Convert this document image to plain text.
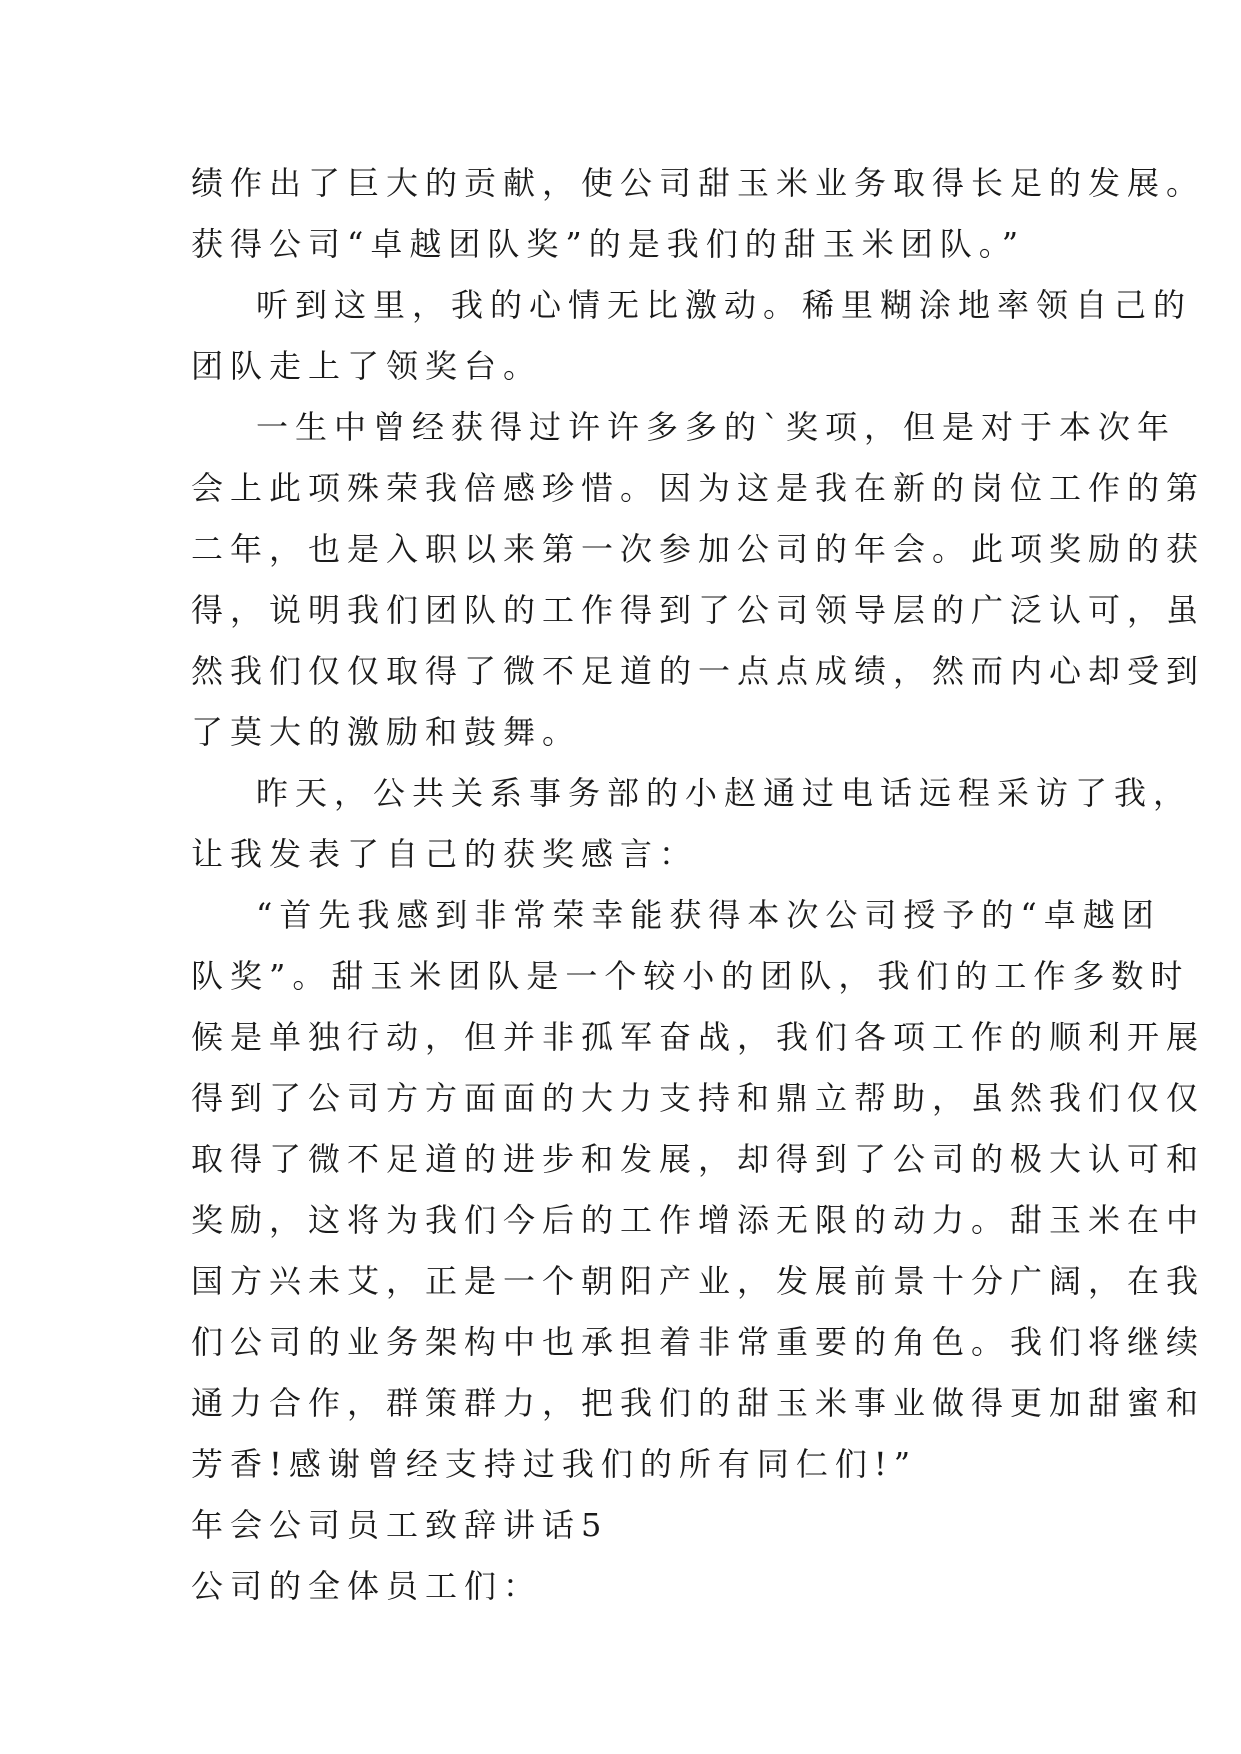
绩作出了巨大的贡献，使公司甜玉米业务取得长足的发展。
获得公司“卓越团队奖”的是我们的甜玉米团队。”
听到这里，我的心情无比激动。稀里糊涂地率领自己的
团队走上了领奖台。
一生中曾经获得过许许多多的`奖项，但是对于本次年
会上此项殊荣我倍感珍惜。因为这是我在新的岗位工作的第
二年，也是入职以来第一次参加公司的年会。此项奖励的获
得，说明我们团队的工作得到了公司领导层的广泛认可，虽
然我们仅仅取得了微不足道的一点点成绩，然而内心却受到
了莫大的激励和鼓舞。
昨天，公共关系事务部的小赵通过电话远程采访了我，
让我发表了自己的获奖感言：
“首先我感到非常荣幸能获得本次公司授予的“卓越团
队奖”。甜玉米团队是一个较小的团队，我们的工作多数时
候是单独行动，但并非孤军奋战，我们各项工作的顺利开展
得到了公司方方面面的大力支持和鼎立帮助，虽然我们仅仅
取得了微不足道的进步和发展，却得到了公司的极大认可和
奖励，这将为我们今后的工作增添无限的动力。甜玉米在中
国方兴未艾，正是一个朝阳产业，发展前景十分广阔，在我
们公司的业务架构中也承担着非常重要的角色。我们将继续
通力合作，群策群力，把我们的甜玉米事业做得更加甜蜜和
芳香!感谢曾经支持过我们的所有同仁们!”
年会公司员工致辞讲话5
公司的全体员工们：
